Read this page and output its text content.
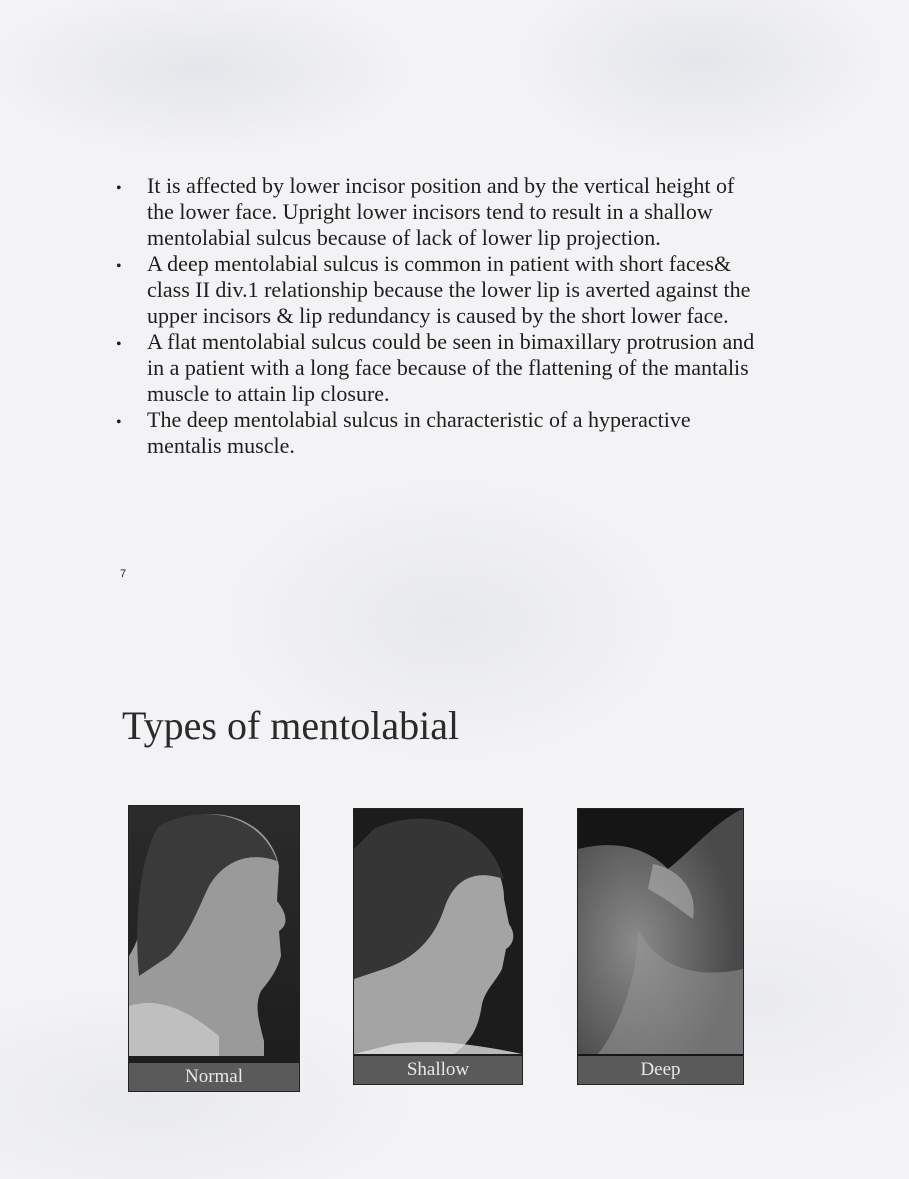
• It is affected by lower incisor position and by the vertical height of the lower face. Upright lower incisors tend to result in a shallow mentolabial sulcus because of lack of lower lip projection.
• A deep mentolabial sulcus is common in patient with short faces& class II div.1 relationship because the lower lip is averted against the upper incisors & lip redundancy is caused by the short lower face.
• A flat mentolabial sulcus could be seen in bimaxillary protrusion and in a patient with a long face because of the flattening of the mantalis muscle to attain lip closure.
• The deep mentolabial sulcus in characteristic of a hyperactive mentalis muscle.
7
Types of mentolabial
Normal	Shallow	Deep
